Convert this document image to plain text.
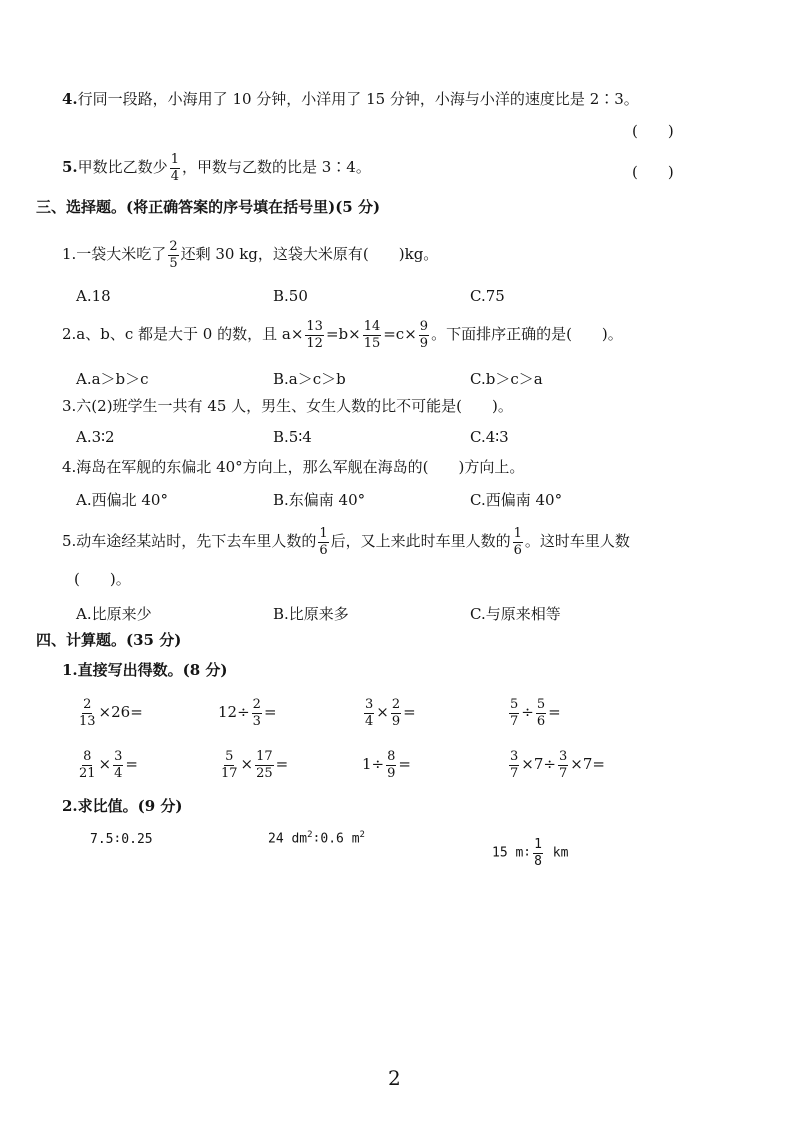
4.行同一段路，小海用了 10 分钟，小洋用了 15 分钟，小海与小洋的速度比是 2∶3。
(　　)
5.甲数比乙数少 $\frac{1}{4}$ ，甲数与乙数的比是 3∶4。	(　　)
三、选择题。(将正确答案的序号填在括号里)(5 分)
1.一袋大米吃了 $\frac{2}{5}$ 还剩 30 kg，这袋大米原有(　　)kg。
A.18	B.50	C.75
2.a、b、c 都是大于 0 的数，且 $a\times \frac{13}{12} =b\times \frac{14}{15} =c\times \frac{9}{9}$ 。下面排序正确的是(　　)。
A.a＞b＞c	B.a＞c＞b	C.b＞c＞a
3.六(2)班学生一共有 45 人，男生、女生人数的比不可能是(　　)。
A.3∶2	B.5∶4	C.4∶3
4.海岛在军舰的东偏北 40°方向上，那么军舰在海岛的(　　)方向上。
A.西偏北 40°	B.东偏南 40°	C.西偏南 40°
5.动车途经某站时，先下去车里人数的 $\frac{1}{6}$ 后，又上来此时车里人数的 $\frac{1}{6}$ 。这时车里人数
(　　)。
A.比原来少	B.比原来多	C.与原来相等
四、计算题。(35 分)
1.直接写出得数。(8 分)
$\frac{2}{13} \times 26=$	$12\div \frac{2}{3}$ =	$\frac{3}{4} \times \frac{2}{9}$ =	$\frac{5}{7} \div \frac{5}{6}$ =
$\frac{8}{21} \times \frac{3}{4}$ =	$\frac{5}{17} \times \frac{17}{25}$ =	$1\div \frac{8}{9}$ =	$\frac{3}{7} \times 7\div \frac{3}{7} \times 7=$
2.求比值。(9 分)
7.5∶0.25	24 $dm^2∶0.6$ $m^2$
15 m∶ $\frac{1}{8}$ km
2
